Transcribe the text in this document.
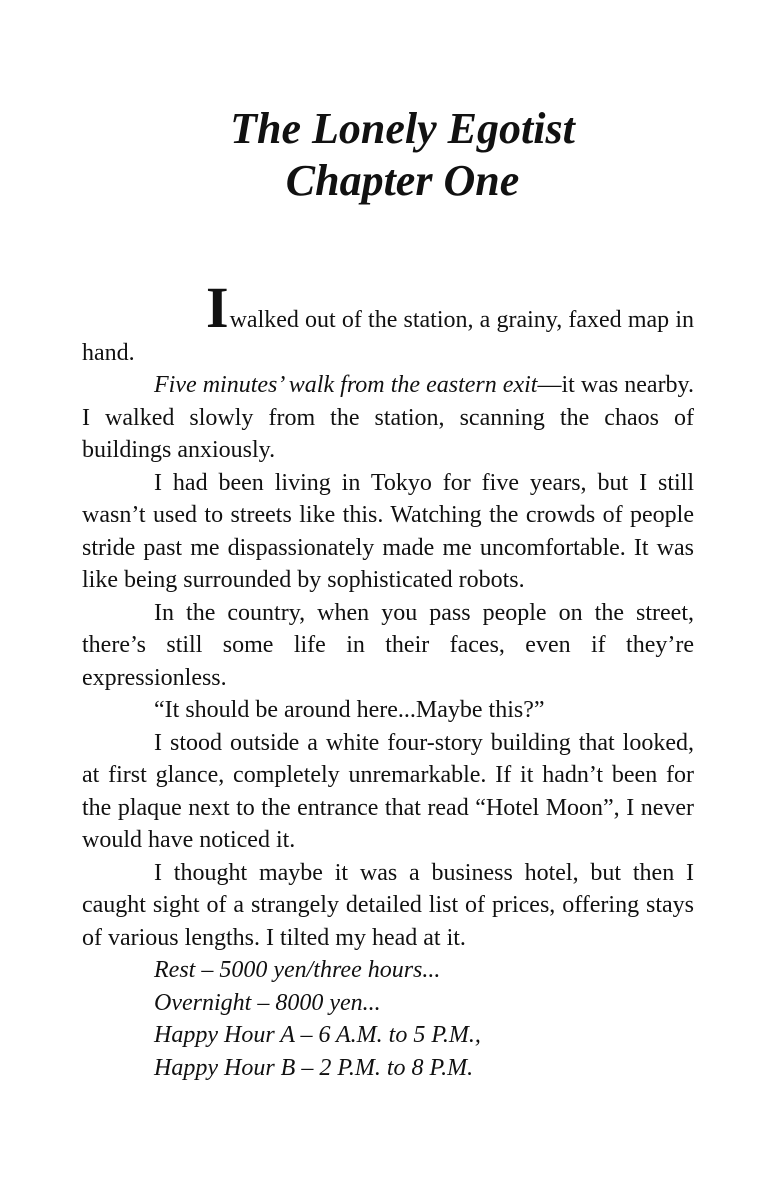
The Lonely Egotist
Chapter One

Iwalked out of the station, a grainy, faxed map in hand.

Five minutes’ walk from the eastern exit—it was nearby. I walked slowly from the station, scanning the chaos of buildings anxiously.

I had been living in Tokyo for five years, but I still wasn’t used to streets like this. Watching the crowds of people stride past me dispassionately made me uncomfortable. It was like being surrounded by sophisticated robots.

In the country, when you pass people on the street, there’s still some life in their faces, even if they’re expressionless.

“It should be around here...Maybe this?”

I stood outside a white four-story building that looked, at first glance, completely unremarkable. If it hadn’t been for the plaque next to the entrance that read “Hotel Moon”, I never would have noticed it.

I thought maybe it was a business hotel, but then I caught sight of a strangely detailed list of prices, offering stays of various lengths. I tilted my head at it.

Rest – 5000 yen/three hours...

Overnight – 8000 yen...

Happy Hour A – 6 A.M. to 5 P.M.,

Happy Hour B – 2 P.M. to 8 P.M.
